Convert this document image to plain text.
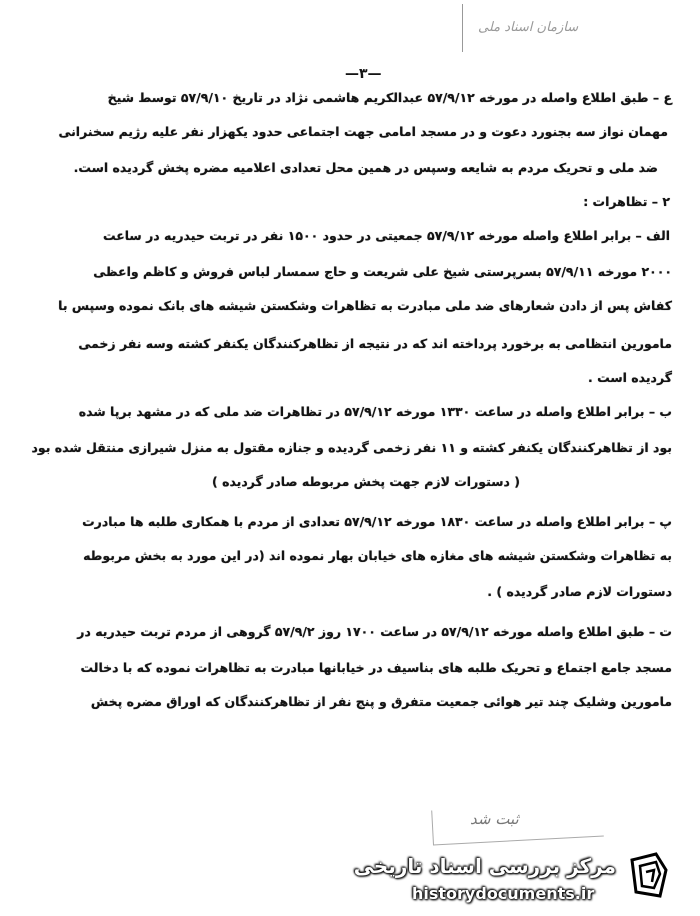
سازمان اسناد ملی
—۳—
ع – طبق اطلاع واصله در مورخه ۵۷/۹/۱۲ عبدالکریم هاشمی نژاد در تاریخ ۵۷/۹/۱۰ توسط شیخ
مهمان نواز سه بجنورد دعوت و در مسجد امامی جهت اجتماعی حدود یکهزار نفر علیه رژیم سخنرانی
ضد ملی و تحریک مردم به شایعه وسپس در همین محل تعدادی اعلامیه مضره پخش گردیده است.
۲ – تظاهرات :
الف – برابر اطلاع واصله مورخه ۵۷/۹/۱۲ جمعیتی در حدود ۱۵۰۰ نفر در تربت حیدریه در ساعت
۲۰۰۰ مورخه ۵۷/۹/۱۱ بسرپرستی شیخ علی شریعت و حاج سمسار لباس فروش و کاظم واعظی
کفاش پس از دادن شعارهای ضد ملی مبادرت به تظاهرات وشکستن شیشه های بانک نموده وسپس با
مامورین انتظامی به برخورد پرداخته اند که در نتیجه از تظاهرکنندگان یکنفر کشته وسه نفر زخمی
گردیده است .
ب – برابر اطلاع واصله در ساعت ۱۳۳۰ مورخه ۵۷/۹/۱۲ در تظاهرات ضد ملی که در مشهد برپا شده
بود از تظاهرکنندگان یکنفر کشته و ۱۱ نفر زخمی گردیده و جنازه مقتول به منزل شیرازی منتقل شده بود
( دستورات لازم جهت پخش مربوطه صادر گردیده )
پ – برابر اطلاع واصله در ساعت ۱۸۳۰ مورخه ۵۷/۹/۱۲ تعدادی از مردم با همکاری طلبه ها مبادرت
به تظاهرات وشکستن شیشه های مغازه های خیابان بهار نموده اند (در این مورد به بخش مربوطه
دستورات لازم صادر گردیده ) .
ت – طبق اطلاع واصله مورخه ۵۷/۹/۱۲ در ساعت ۱۷۰۰ روز ۵۷/۹/۲ گروهی از مردم تربت حیدریه در
مسجد جامع اجتماع و تحریک طلبه های بناسیف در خیابانها مبادرت به تظاهرات نموده که با دخالت
مامورین وشلیک چند تیر هوائی جمعیت متفرق و پنج نفر از تظاهرکنندگان که اوراق مضره پخش
ثبت شد
مرکز بررسی اسناد تاریخی
historydocuments.ir
